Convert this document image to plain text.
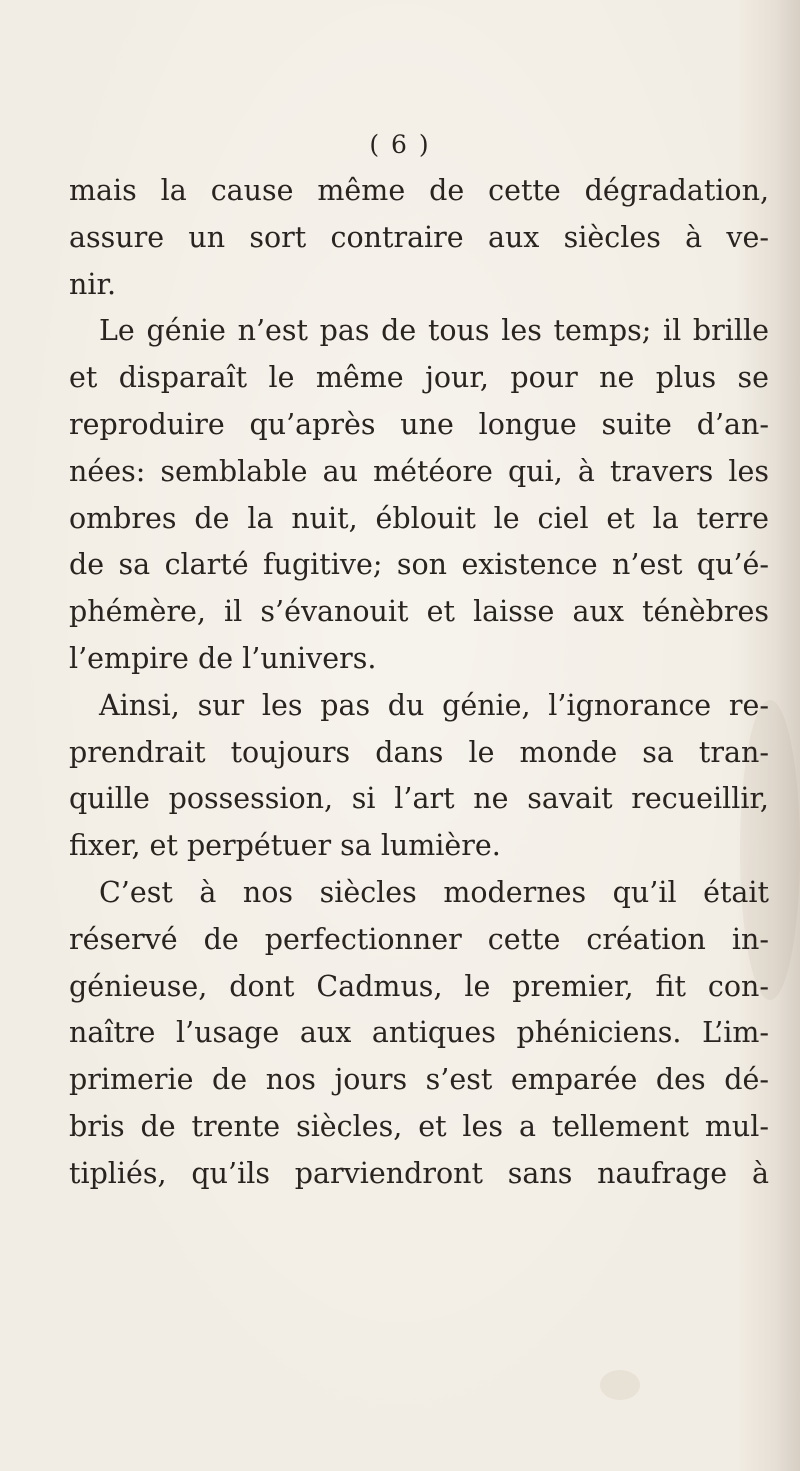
( 6 )
mais la cause même de cette dégradation,
assure un sort contraire aux siècles à ve-
nir.
Le génie n’est pas de tous les temps; il brille
et disparaît le même jour, pour ne plus se
reproduire qu’après une longue suite d’an-
nées: semblable au météore qui, à travers les
ombres de la nuit, éblouit le ciel et la terre
de sa clarté fugitive; son existence n’est qu’é-
phémère, il s’évanouit et laisse aux ténèbres
l’empire de l’univers.
Ainsi, sur les pas du génie, l’ignorance re-
prendrait toujours dans le monde sa tran-
quille possession, si l’art ne savait recueillir,
fixer, et perpétuer sa lumière.
C’est à nos siècles modernes qu’il était
réservé de perfectionner cette création in-
génieuse, dont Cadmus, le premier, fit con-
naître l’usage aux antiques phéniciens. L’im-
primerie de nos jours s’est emparée des dé-
bris de trente siècles, et les a tellement mul-
tipliés, qu’ils parviendront sans naufrage à
